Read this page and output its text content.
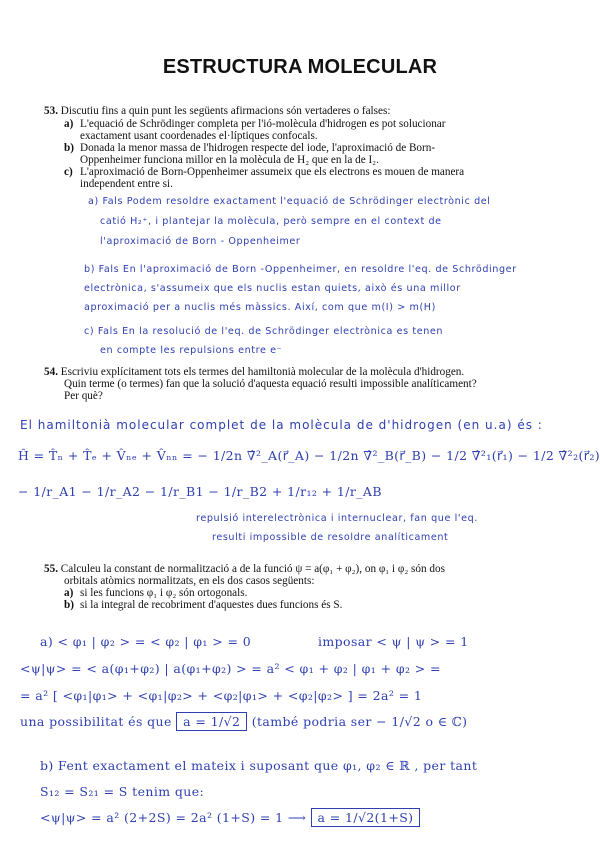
ESTRUCTURA MOLECULAR
53. Discutiu fins a quin punt les següents afirmacions són vertaderes o falses:
a) L'equació de Schrödinger completa per l'ió-molècula d'hidrogen es pot solucionar
exactament usant coordenades el·líptiques confocals.
b) Donada la menor massa de l'hidrogen respecte del iode, l'aproximació de Born-
Oppenheimer funciona millor en la molècula de H₂ que en la de I₂.
c) L'aproximació de Born-Oppenheimer assumeix que els electrons es mouen de manera
independent entre si.
a) Fals Podem resoldre exactament l'equació de Schrödinger electrònic del
catió H₂⁺, i plantejar la molècula, però sempre en el context de
l'aproximació de Born - Oppenheimer
b) Fals En l'aproximació de Born -Oppenheimer, en resoldre l'eq. de Schrödinger
electrònica, s'assumeix que els nuclis estan quiets, això és una millor
aproximació per a nuclis més màssics. Així, com que m(I) > m(H)
c) Fals En la resolució de l'eq. de Schrödinger electrònica es tenen
en compte les repulsions entre e⁻
54. Escriviu explícitament tots els termes del hamiltonià molecular de la molècula d'hidrogen.
Quin terme (o termes) fan que la solució d'aquesta equació resulti impossible analíticament?
Per què?
El hamiltonià molecular complet de la molècula de d'hidrogen (en u.a) és :
Ĥ = T̂ₙ + T̂ₑ + V̂ₙₑ + V̂ₙₙ = − 1/2n ∇̂²_A(r⃗_A) − 1/2n ∇̂²_B(r⃗_B) − 1/2 ∇̂²₁(r⃗₁) − 1/2 ∇̂²₂(r⃗₂)
− 1/r_A1 − 1/r_A2 − 1/r_B1 − 1/r_B2 + 1/r₁₂ + 1/r_AB
repulsió interelectrònica i internuclear, fan que l'eq.
resulti impossible de resoldre analíticament
55. Calculeu la constant de normalització a de la funció ψ = a(φ₁ + φ₂), on φ₁ i φ₂ són dos
orbitals atòmics normalitzats, en els dos casos següents:
a) si les funcions φ₁ i φ₂ són ortogonals.
b) si la integral de recobriment d'aquestes dues funcions és S.
a) < φ₁ | φ₂ > = < φ₂ | φ₁ > = 0	imposar < ψ | ψ > = 1
<ψ|ψ> = < a(φ₁+φ₂) | a(φ₁+φ₂) > = a² < φ₁ + φ₂ | φ₁ + φ₂ > =
= a² [ <φ₁|φ₁> + <φ₁|φ₂> + <φ₂|φ₁> + <φ₂|φ₂> ] = 2a² = 1
una possibilitat és que a = 1/√2 (també podria ser − 1/√2 o ∈ ℂ)
b) Fent exactament el mateix i suposant que φ₁, φ₂ ∈ ℝ , per tant
S₁₂ = S₂₁ = S tenim que:
<ψ|ψ> = a² (2+2S) = 2a² (1+S) = 1 ⟶ a = 1/√2(1+S)
